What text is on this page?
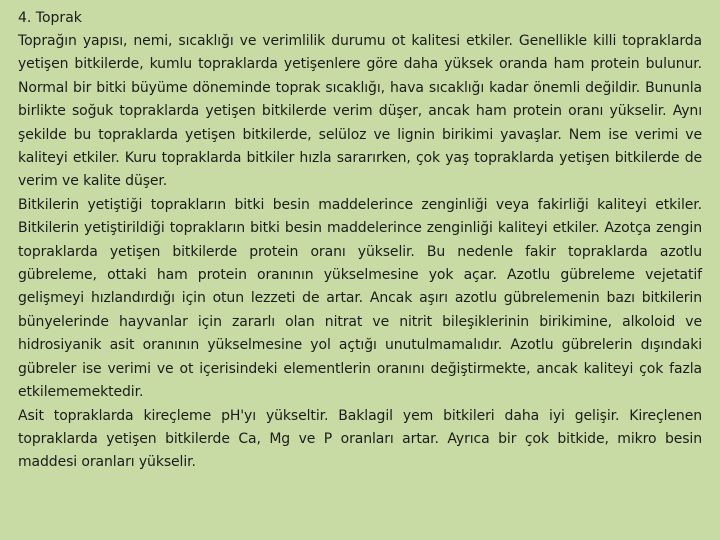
4. Toprak

Toprağın yapısı, nemi, sıcaklığı ve verimlilik durumu ot kalitesi etkiler. Genellikle killi topraklarda yetişen bitkilerde, kumlu topraklarda yetişenlere göre daha yüksek oranda ham protein bulunur. Normal bir bitki büyüme döneminde toprak sıcaklığı, hava sıcaklığı kadar önemli değildir. Bununla birlikte soğuk topraklarda yetişen bitkilerde verim düşer, ancak ham protein oranı yükselir. Aynı şekilde bu topraklarda yetişen bitkilerde, selüloz ve lignin birikimi yavaşlar. Nem ise verimi ve kaliteyi etkiler. Kuru topraklarda bitkiler hızla sararırken, çok yaş topraklarda yetişen bitkilerde de verim ve kalite düşer.

Bitkilerin yetiştiği toprakların bitki besin maddelerince zenginliği veya fakirliği kaliteyi etkiler. Bitkilerin yetiştirildiği toprakların bitki besin maddelerince zenginliği kaliteyi etkiler. Azotça zengin topraklarda yetişen bitkilerde protein oranı yükselir. Bu nedenle fakir topraklarda azotlu gübreleme, ottaki ham protein oranının yükselmesine yok açar. Azotlu gübreleme vejetatif gelişmeyi hızlandırdığı için otun lezzeti de artar. Ancak aşırı azotlu gübrelemenin bazı bitkilerin bünyelerinde hayvanlar için zararlı olan nitrat ve nitrit bileşiklerinin birikimine, alkoloid ve hidrosiyanik asit oranının yükselmesine yol açtığı unutulmamalıdır. Azotlu gübrelerin dışındaki gübreler ise verimi ve ot içerisindeki elementlerin oranını değiştirmekte, ancak kaliteyi çok fazla etkilememektedir.

Asit topraklarda kireçleme pH'yı yükseltir. Baklagil yem bitkileri daha iyi gelişir. Kireçlenen topraklarda yetişen bitkilerde Ca, Mg ve P oranları artar. Ayrıca bir çok bitkide, mikro besin maddesi oranları yükselir.
